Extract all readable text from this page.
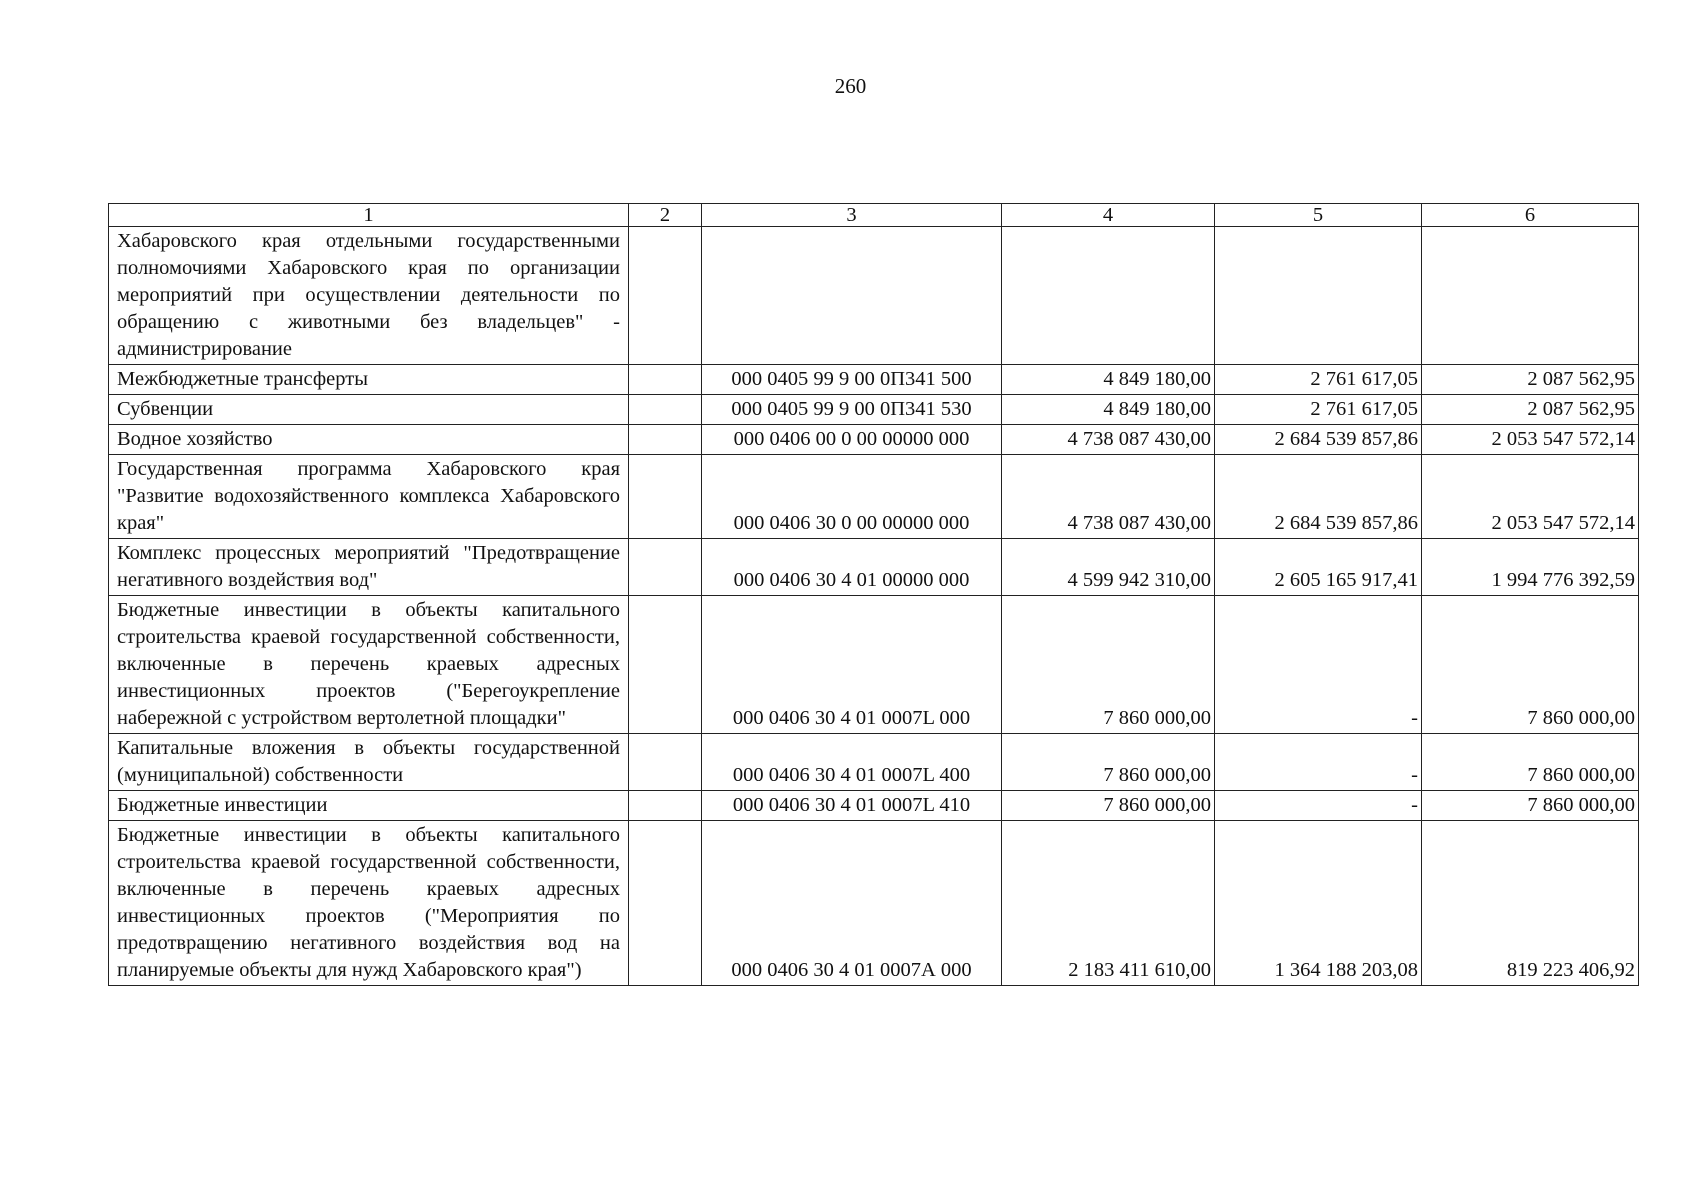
260
1	2	3	4	5	6
Хабаровского края отдельными государственными полномочиями Хабаровского края по организации мероприятий при осуществлении деятельности по обращению с животными без владельцев" - администрирование					
Межбюджетные трансферты		000 0405 99 9 00 0П341 500	4 849 180,00	2 761 617,05	2 087 562,95
Субвенции		000 0405 99 9 00 0П341 530	4 849 180,00	2 761 617,05	2 087 562,95
Водное хозяйство		000 0406 00 0 00 00000 000	4 738 087 430,00	2 684 539 857,86	2 053 547 572,14
Государственная программа Хабаровского края "Развитие водохозяйственного комплекса Хабаровского края"		000 0406 30 0 00 00000 000	4 738 087 430,00	2 684 539 857,86	2 053 547 572,14
Комплекс процессных мероприятий "Предотвращение негативного воздействия вод"		000 0406 30 4 01 00000 000	4 599 942 310,00	2 605 165 917,41	1 994 776 392,59
Бюджетные инвестиции в объекты капитального строительства краевой государственной собственности, включенные в перечень краевых адресных инвестиционных проектов ("Берегоукрепление набережной с устройством вертолетной площадки"		000 0406 30 4 01 0007L 000	7 860 000,00	-	7 860 000,00
Капитальные вложения в объекты государственной (муниципальной) собственности		000 0406 30 4 01 0007L 400	7 860 000,00	-	7 860 000,00
Бюджетные инвестиции		000 0406 30 4 01 0007L 410	7 860 000,00	-	7 860 000,00
Бюджетные инвестиции в объекты капитального строительства краевой государственной собственности, включенные в перечень краевых адресных инвестиционных проектов ("Мероприятия по предотвращению негативного воздействия вод на планируемые объекты для нужд Хабаровского края")		000 0406 30 4 01 0007А 000	2 183 411 610,00	1 364 188 203,08	819 223 406,92
